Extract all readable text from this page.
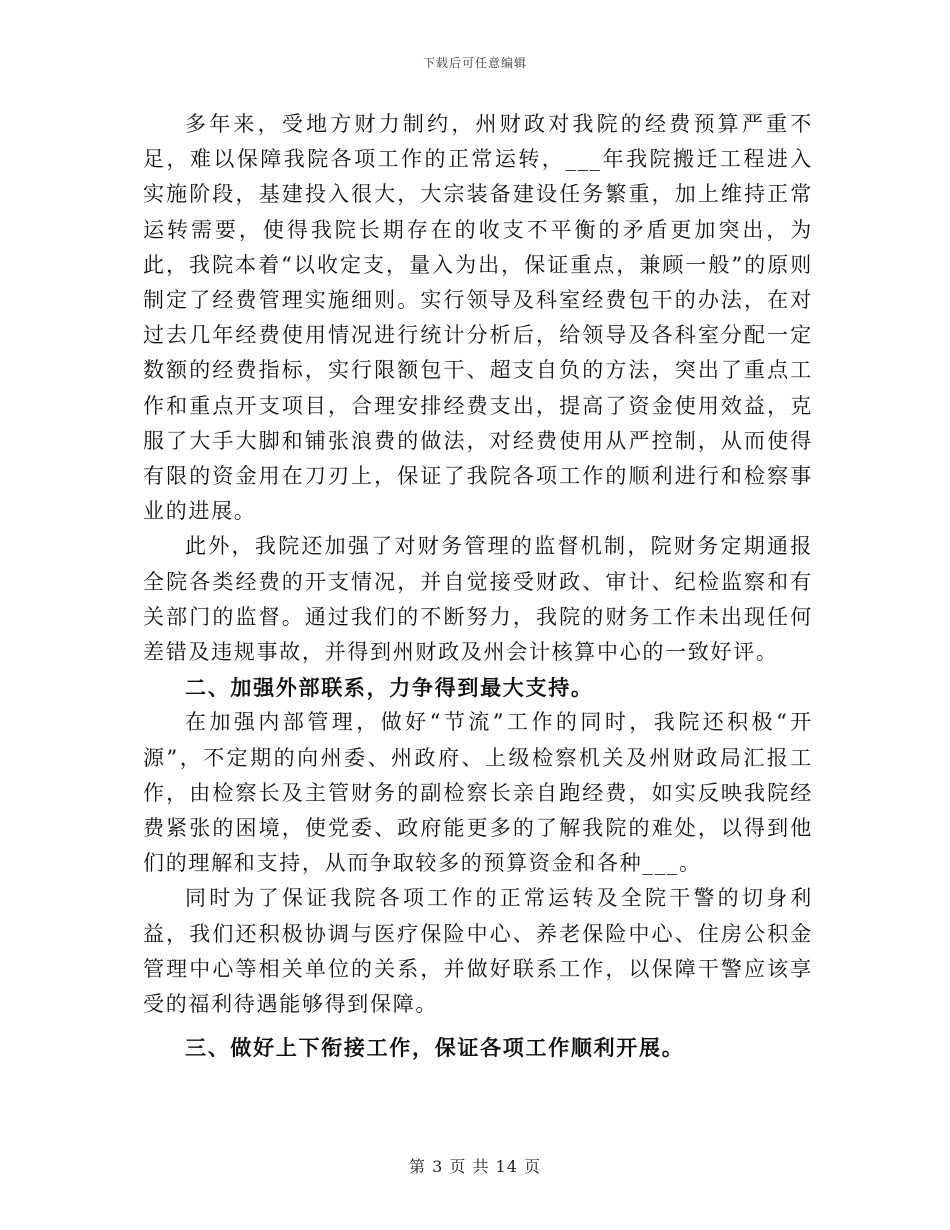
下载后可任意编辑

多年来，受地方财力制约，州财政对我院的经费预算严重不足，难以保障我院各项工作的正常运转，___年我院搬迁工程进入实施阶段，基建投入很大，大宗装备建设任务繁重，加上维持正常运转需要，使得我院长期存在的收支不平衡的矛盾更加突出，为此，我院本着“以收定支，量入为出，保证重点，兼顾一般”的原则制定了经费管理实施细则。实行领导及科室经费包干的办法，在对过去几年经费使用情况进行统计分析后，给领导及各科室分配一定数额的经费指标，实行限额包干、超支自负的方法，突出了重点工作和重点开支项目，合理安排经费支出，提高了资金使用效益，克服了大手大脚和铺张浪费的做法，对经费使用从严控制，从而使得有限的资金用在刀刃上，保证了我院各项工作的顺利进行和检察事业的进展。

此外，我院还加强了对财务管理的监督机制，院财务定期通报全院各类经费的开支情况，并自觉接受财政、审计、纪检监察和有关部门的监督。通过我们的不断努力，我院的财务工作未出现任何差错及违规事故，并得到州财政及州会计核算中心的一致好评。

二、加强外部联系，力争得到最大支持。

在加强内部管理，做好“节流”工作的同时，我院还积极“开源”，不定期的向州委、州政府、上级检察机关及州财政局汇报工作，由检察长及主管财务的副检察长亲自跑经费，如实反映我院经费紧张的困境，使党委、政府能更多的了解我院的难处，以得到他们的理解和支持，从而争取较多的预算资金和各种___。

同时为了保证我院各项工作的正常运转及全院干警的切身利益，我们还积极协调与医疗保险中心、养老保险中心、住房公积金管理中心等相关单位的关系，并做好联系工作，以保障干警应该享受的福利待遇能够得到保障。

三、做好上下衔接工作，保证各项工作顺利开展。

第 3 页 共 14 页
